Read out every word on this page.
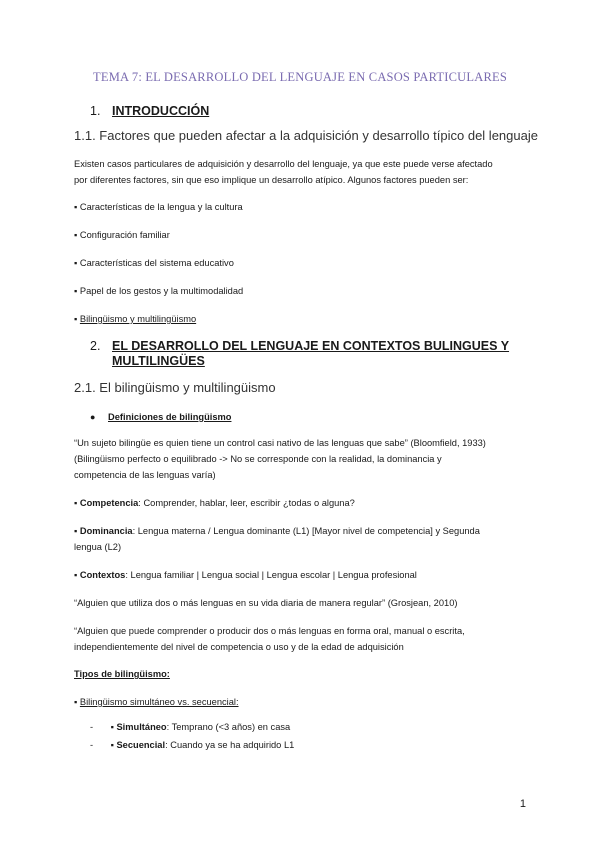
TEMA 7: EL DESARROLLO DEL LENGUAJE EN CASOS PARTICULARES
1. INTRODUCCIÓN
1.1. Factores que pueden afectar a la adquisición y desarrollo típico del lenguaje
Existen casos particulares de adquisición y desarrollo del lenguaje, ya que este puede verse afectado
por diferentes factores, sin que eso implique un desarrollo atípico. Algunos factores pueden ser:
▪ Características de la lengua y la cultura
▪ Configuración familiar
▪ Características del sistema educativo
▪ Papel de los gestos y la multimodalidad
▪ Bilingüismo y multilingüismo
2. EL DESARROLLO DEL LENGUAJE EN CONTEXTOS BULINGUES Y
MULTILINGÜES
2.1. El bilingüismo y multilingüismo
● Definiciones de bilingüismo
“Un sujeto bilingüe es quien tiene un control casi nativo de las lenguas que sabe” (Bloomfield, 1933)
(Bilingüismo perfecto o equilibrado -> No se corresponde con la realidad, la dominancia y
competencia de las lenguas varía)
▪ Competencia: Comprender, hablar, leer, escribir ¿todas o alguna?
▪ Dominancia: Lengua materna / Lengua dominante (L1) [Mayor nivel de competencia] y Segunda
lengua (L2)
▪ Contextos: Lengua familiar | Lengua social | Lengua escolar | Lengua profesional
“Alguien que utiliza dos o más lenguas en su vida diaria de manera regular” (Grosjean, 2010)
“Alguien que puede comprender o producir dos o más lenguas en forma oral, manual o escrita,
independientemente del nivel de competencia o uso y de la edad de adquisición
Tipos de bilingüismo:
▪ Bilingüismo simultáneo vs. secuencial:
- ▪ Simultáneo: Temprano (<3 años) en casa
- ▪ Secuencial: Cuando ya se ha adquirido L1
1
